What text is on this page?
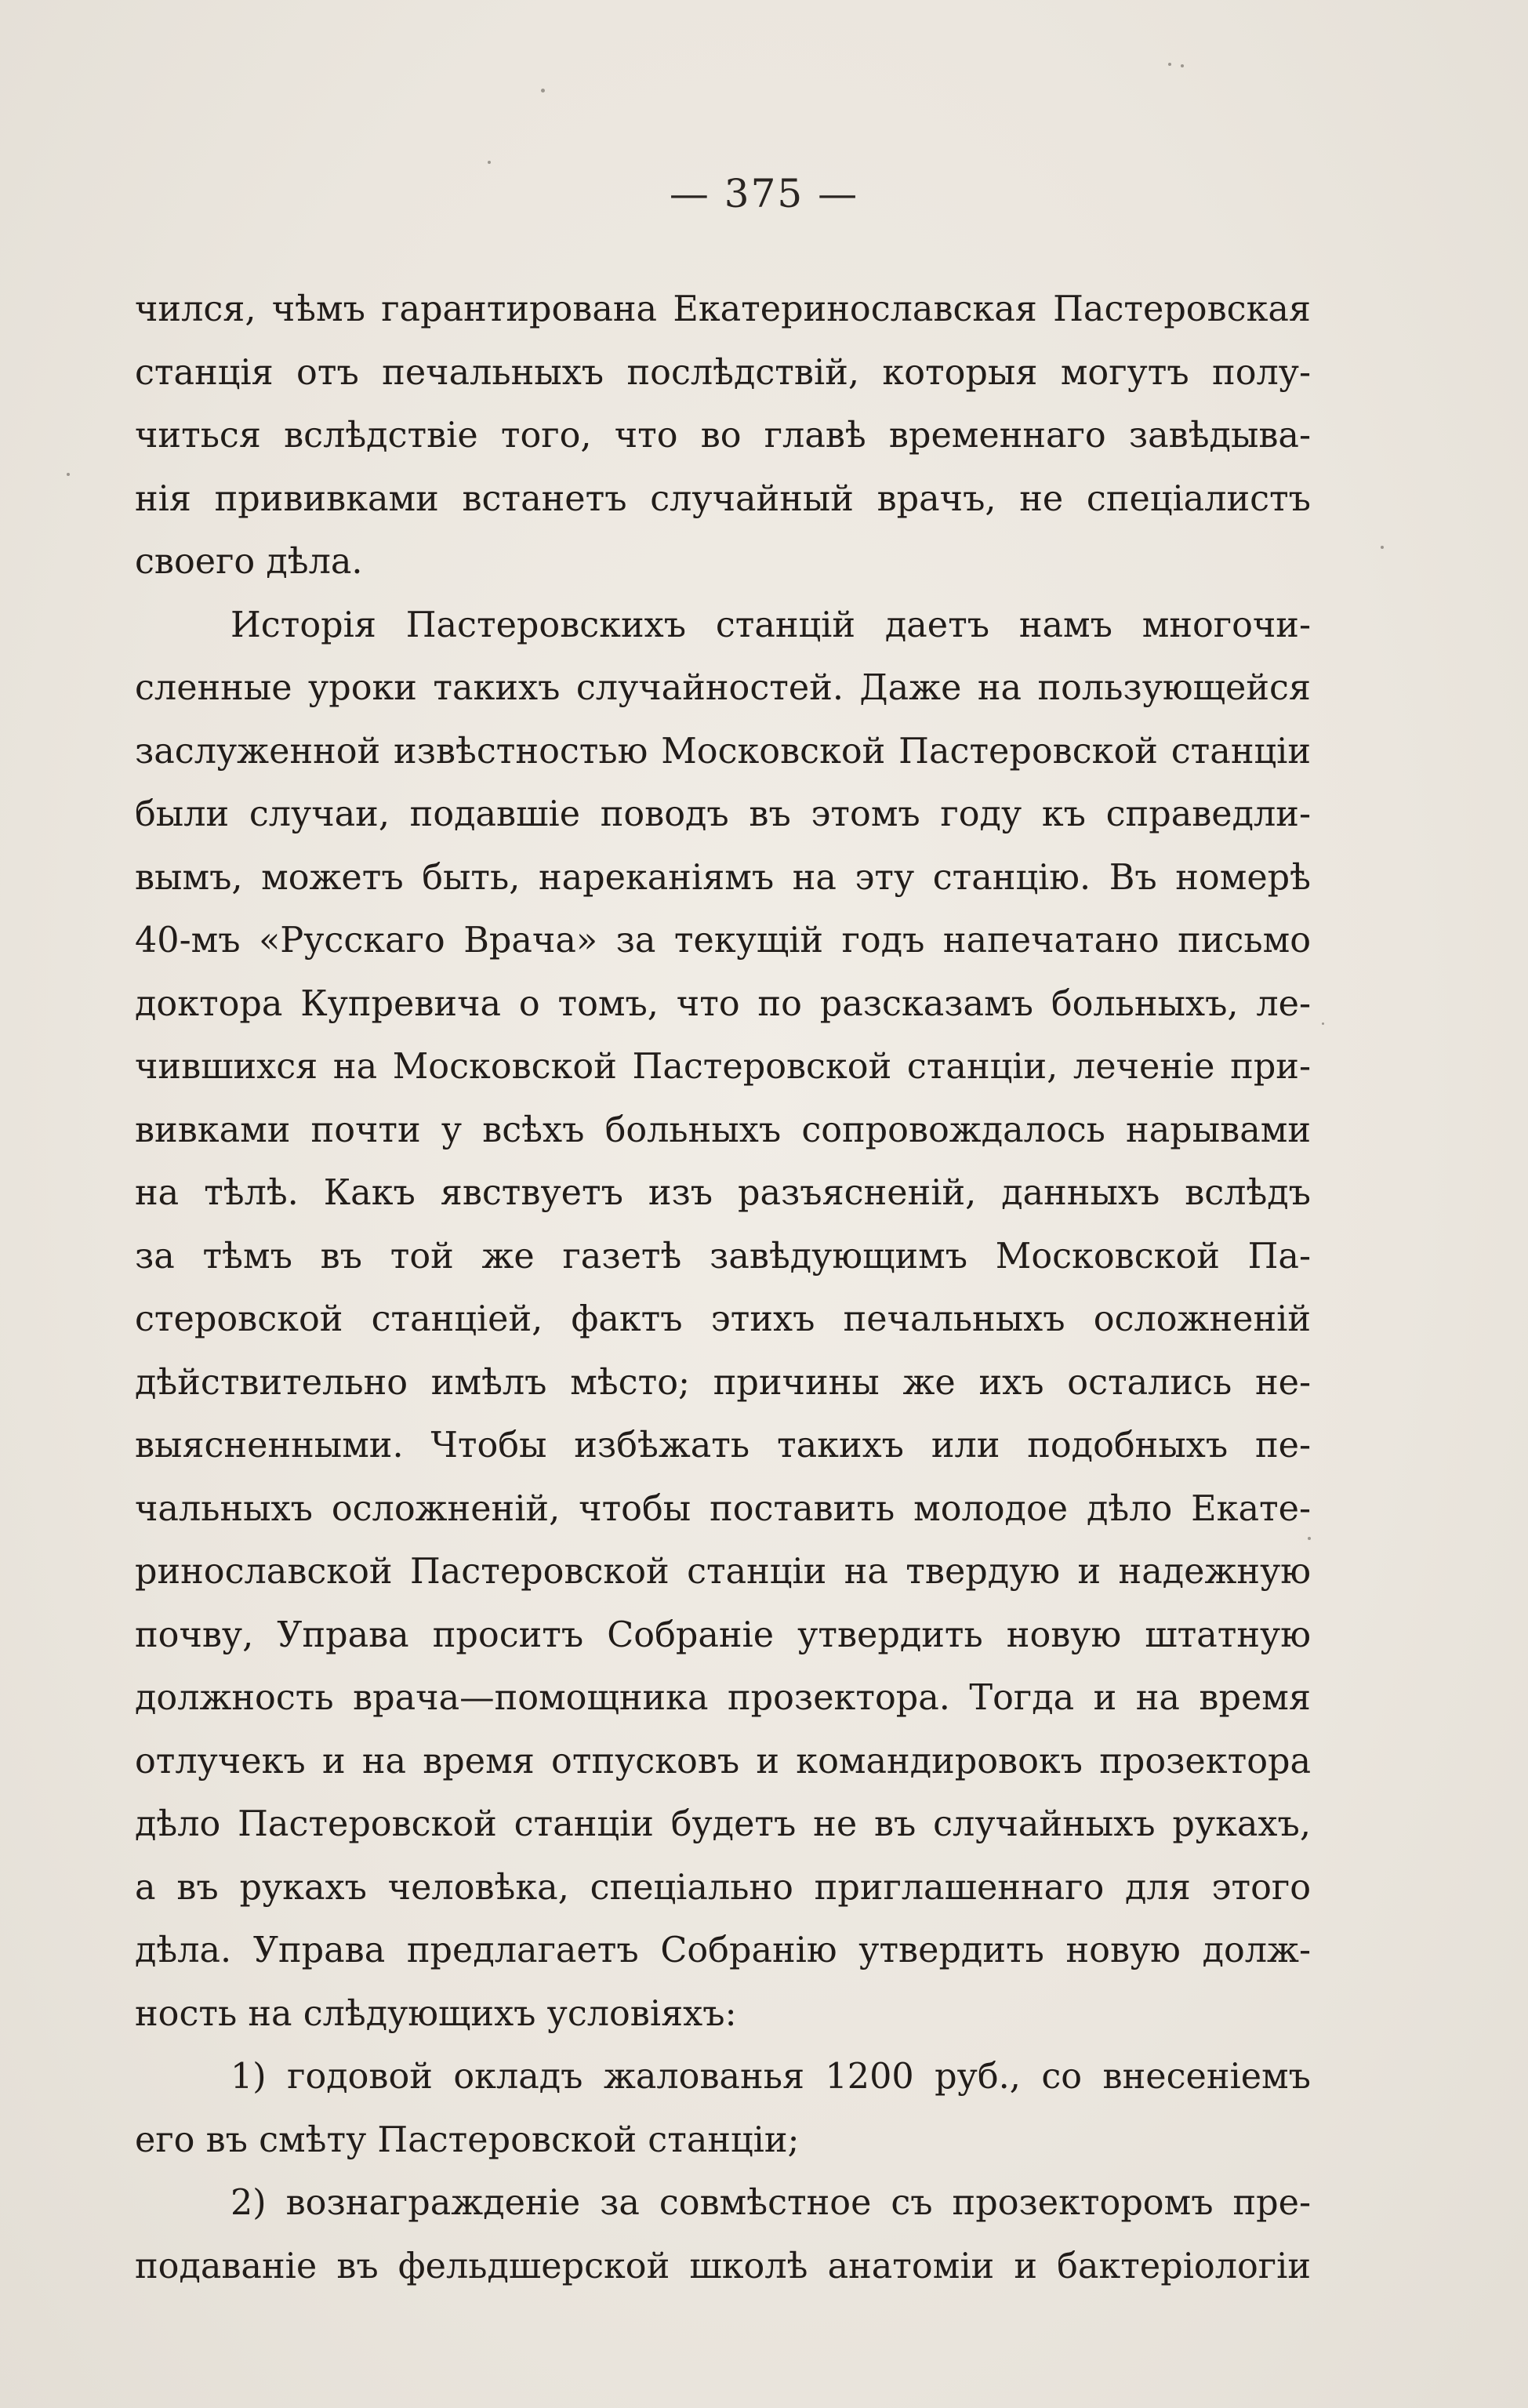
— 375 —
чился, чѣмъ гарантирована Екатеринославская Пастеровская
станція отъ печальныхъ послѣдствій, которыя могутъ полу-
читься вслѣдствіе того, что во главѣ временнаго завѣдыва-
нія прививками встанетъ случайный врачъ, не спеціалистъ
своего дѣла.
Исторія Пастеровскихъ станцій даетъ намъ многочи-
сленные уроки такихъ случайностей. Даже на пользующейся
заслуженной извѣстностью Московской Пастеровской станціи
были случаи, подавшіе поводъ въ этомъ году къ справедли-
вымъ, можетъ быть, нареканіямъ на эту станцію. Въ номерѣ
40-мъ «Русскаго Врача» за текущій годъ напечатано письмо
доктора Купревича о томъ, что по разсказамъ больныхъ, ле-
чившихся на Московской Пастеровской станціи, леченіе при-
вивками почти у всѣхъ больныхъ сопровождалось нарывами
на тѣлѣ. Какъ явствуетъ изъ разъясненій, данныхъ вслѣдъ
за тѣмъ въ той же газетѣ завѣдующимъ Московской Па-
стеровской станціей, фактъ этихъ печальныхъ осложненій
дѣйствительно имѣлъ мѣсто; причины же ихъ остались не-
выясненными. Чтобы избѣжать такихъ или подобныхъ пе-
чальныхъ осложненій, чтобы поставить молодое дѣло Екате-
ринославской Пастеровской станціи на твердую и надежную
почву, Управа проситъ Собраніе утвердить новую штатную
должность врача—помощника прозектора. Тогда и на время
отлучекъ и на время отпусковъ и командировокъ прозектора
дѣло Пастеровской станціи будетъ не въ случайныхъ рукахъ,
а въ рукахъ человѣка, спеціально приглашеннаго для этого
дѣла. Управа предлагаетъ Собранію утвердить новую долж-
ность на слѣдующихъ условіяхъ:
1) годовой окладъ жалованья 1200 руб., со внесеніемъ
его въ смѣту Пастеровской станціи;
2) вознагражденіе за совмѣстное съ прозекторомъ пре-
подаваніе въ фельдшерской школѣ анатоміи и бактеріологіи
